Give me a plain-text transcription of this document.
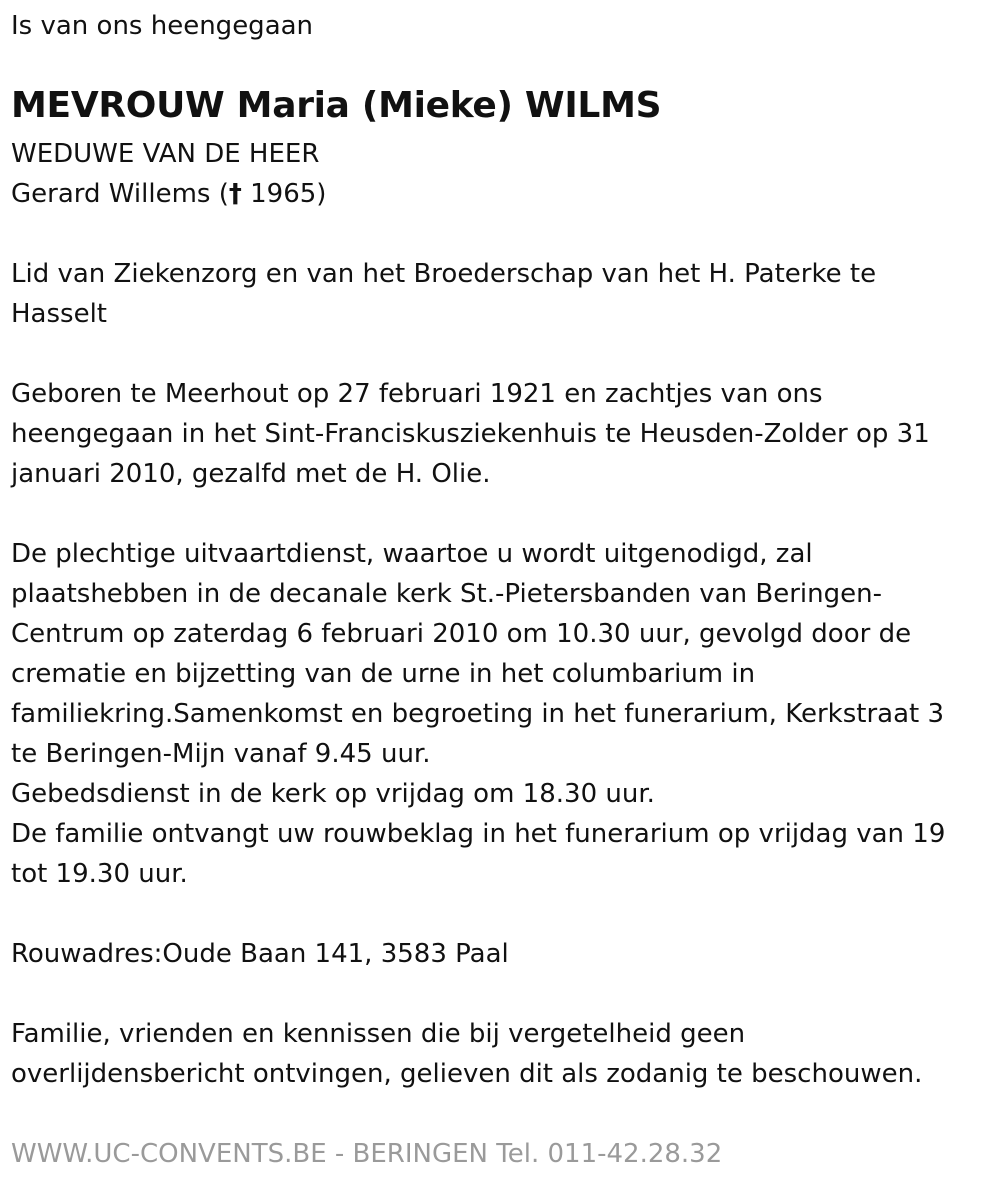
Is van ons heengegaan
MEVROUW Maria (Mieke) WILMS
WEDUWE VAN DE HEER
Gerard Willems († 1965)
Lid van Ziekenzorg en van het Broederschap van het H. Paterke te
Hasselt
Geboren te Meerhout op 27 februari 1921 en zachtjes van ons
heengegaan in het Sint-Franciskusziekenhuis te Heusden-Zolder op 31
januari 2010, gezalfd met de H. Olie.
De plechtige uitvaartdienst, waartoe u wordt uitgenodigd, zal
plaatshebben in de decanale kerk St.-Pietersbanden van Beringen-
Centrum op zaterdag 6 februari 2010 om 10.30 uur, gevolgd door de
crematie en bijzetting van de urne in het columbarium in
familiekring.Samenkomst en begroeting in het funerarium, Kerkstraat 3
te Beringen-Mijn vanaf 9.45 uur.
Gebedsdienst in de kerk op vrijdag om 18.30 uur.
De familie ontvangt uw rouwbeklag in het funerarium op vrijdag van 19
tot 19.30 uur.
Rouwadres:Oude Baan 141, 3583 Paal
Familie, vrienden en kennissen die bij vergetelheid geen
overlijdensbericht ontvingen, gelieven dit als zodanig te beschouwen.
WWW.UC-CONVENTS.BE - BERINGEN Tel. 011-42.28.32
